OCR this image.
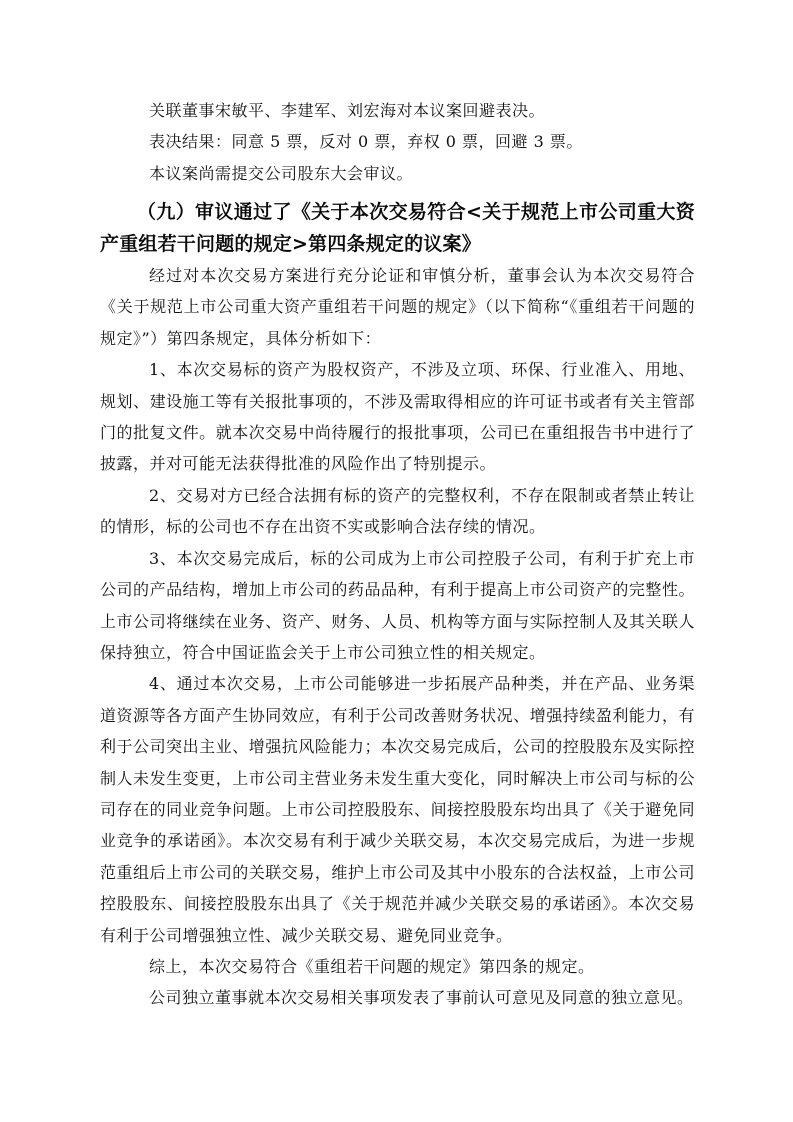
关联董事宋敏平、李建军、刘宏海对本议案回避表决。

表决结果：同意 5 票，反对 0 票，弃权 0 票，回避 3 票。

本议案尚需提交公司股东大会审议。

（九）审议通过了《关于本次交易符合<关于规范上市公司重大资产重组若干问题的规定>第四条规定的议案》

经过对本次交易方案进行充分论证和审慎分析，董事会认为本次交易符合《关于规范上市公司重大资产重组若干问题的规定》（以下简称“《重组若干问题的规定》”）第四条规定，具体分析如下：

1、本次交易标的资产为股权资产，不涉及立项、环保、行业准入、用地、规划、建设施工等有关报批事项的，不涉及需取得相应的许可证书或者有关主管部门的批复文件。就本次交易中尚待履行的报批事项，公司已在重组报告书中进行了披露，并对可能无法获得批准的风险作出了特别提示。

2、交易对方已经合法拥有标的资产的完整权利，不存在限制或者禁止转让的情形，标的公司也不存在出资不实或影响合法存续的情况。

3、本次交易完成后，标的公司成为上市公司控股子公司，有利于扩充上市公司的产品结构，增加上市公司的药品品种，有利于提高上市公司资产的完整性。上市公司将继续在业务、资产、财务、人员、机构等方面与实际控制人及其关联人保持独立，符合中国证监会关于上市公司独立性的相关规定。

4、通过本次交易，上市公司能够进一步拓展产品种类，并在产品、业务渠道资源等各方面产生协同效应，有利于公司改善财务状况、增强持续盈利能力，有利于公司突出主业、增强抗风险能力；本次交易完成后，公司的控股股东及实际控制人未发生变更，上市公司主营业务未发生重大变化，同时解决上市公司与标的公司存在的同业竞争问题。上市公司控股股东、间接控股股东均出具了《关于避免同业竞争的承诺函》。本次交易有利于减少关联交易，本次交易完成后，为进一步规范重组后上市公司的关联交易，维护上市公司及其中小股东的合法权益，上市公司控股股东、间接控股股东出具了《关于规范并减少关联交易的承诺函》。本次交易有利于公司增强独立性、减少关联交易、避免同业竞争。

综上，本次交易符合《重组若干问题的规定》第四条的规定。

公司独立董事就本次交易相关事项发表了事前认可意见及同意的独立意见。
